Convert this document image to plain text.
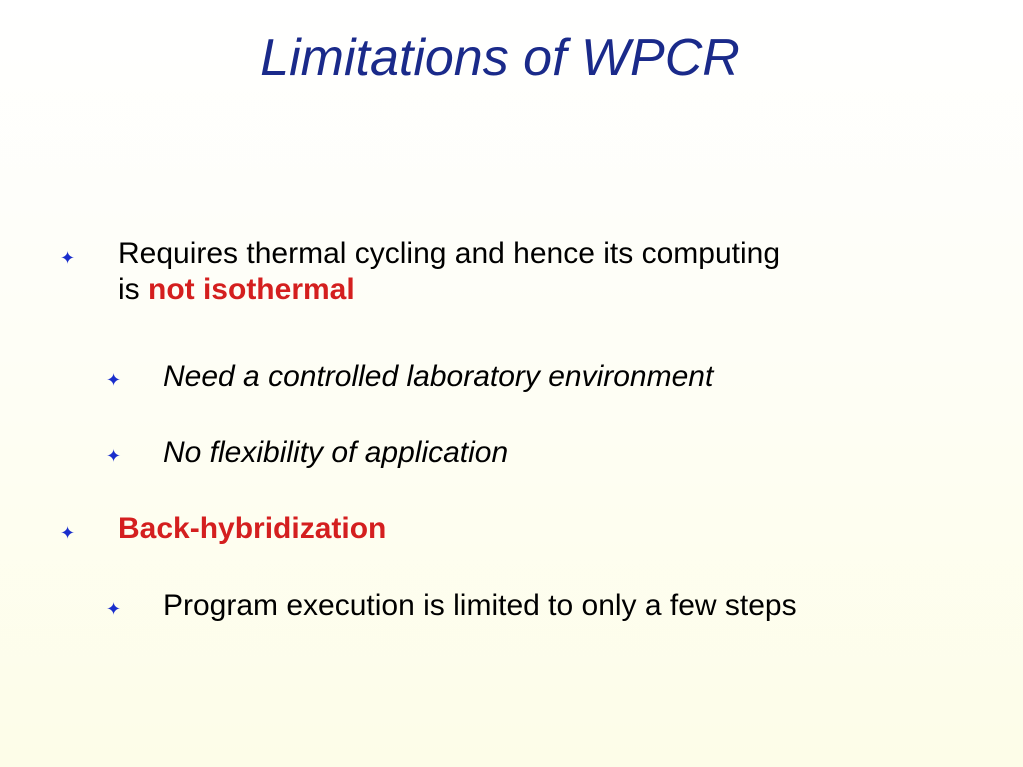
Limitations of WPCR
✦ Requires thermal cycling and hence its computing
is not isothermal
✦ Need a controlled laboratory environment
✦ No flexibility of application
✦ Back-hybridization
✦ Program execution is limited to only a few steps
